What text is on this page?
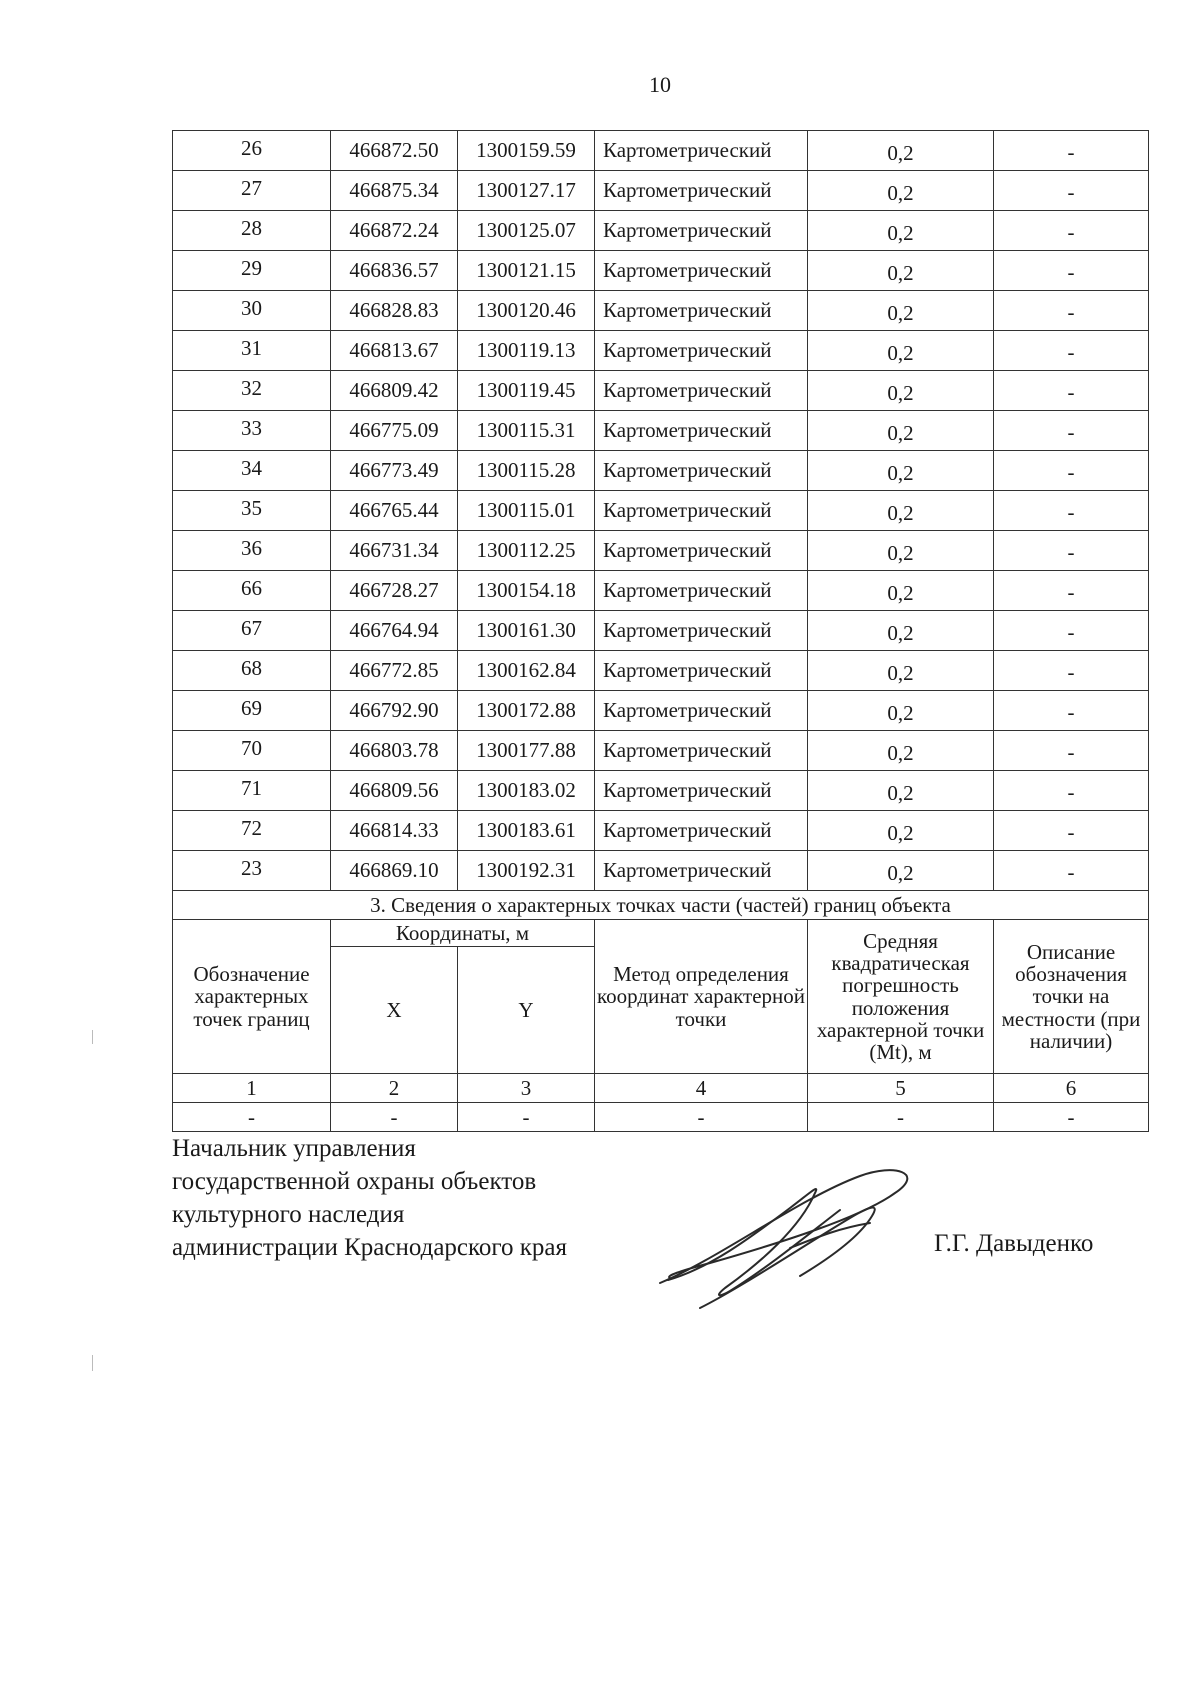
10
26	466872.50	1300159.59	Картометрический	0,2	-
27	466875.34	1300127.17	Картометрический	0,2	-
28	466872.24	1300125.07	Картометрический	0,2	-
29	466836.57	1300121.15	Картометрический	0,2	-
30	466828.83	1300120.46	Картометрический	0,2	-
31	466813.67	1300119.13	Картометрический	0,2	-
32	466809.42	1300119.45	Картометрический	0,2	-
33	466775.09	1300115.31	Картометрический	0,2	-
34	466773.49	1300115.28	Картометрический	0,2	-
35	466765.44	1300115.01	Картометрический	0,2	-
36	466731.34	1300112.25	Картометрический	0,2	-
66	466728.27	1300154.18	Картометрический	0,2	-
67	466764.94	1300161.30	Картометрический	0,2	-
68	466772.85	1300162.84	Картометрический	0,2	-
69	466792.90	1300172.88	Картометрический	0,2	-
70	466803.78	1300177.88	Картометрический	0,2	-
71	466809.56	1300183.02	Картометрический	0,2	-
72	466814.33	1300183.61	Картометрический	0,2	-
23	466869.10	1300192.31	Картометрический	0,2	-
3. Сведения о характерных точках части (частей) границ объекта					
Обозначение характерных точек границ	Координаты, м		Метод определения координат характерной точки	Средняя квадратическая погрешность положения характерной точки (Mt), м	Описание обозначения точки на местности (при наличии)
	X	Y			
1	2	3	4	5	6
-	-	-	-	-	-
Начальник управления
государственной охраны объектов
культурного наследия
администрации Краснодарского края	Г.Г. Давыденко
